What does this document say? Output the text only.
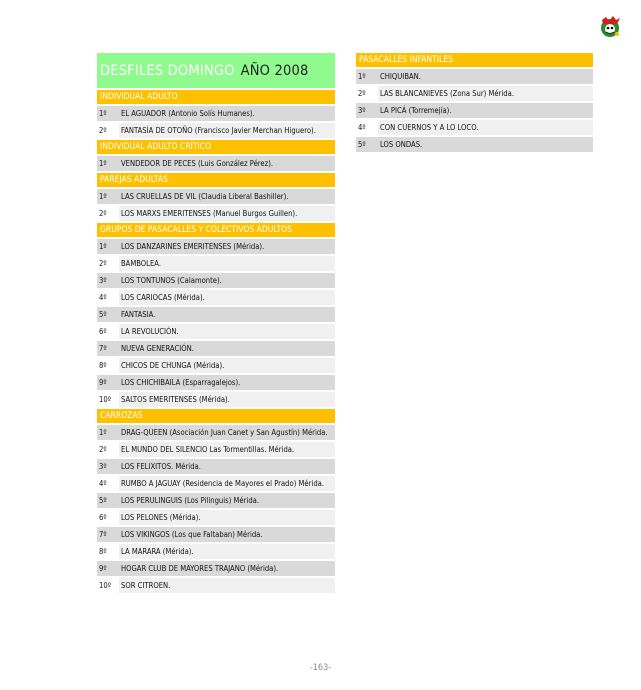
DESFILES DOMINGO AÑO 2008
INDIVIDUAL ADULTO
1º	EL AGUADOR (Antonio Solís Humanes).
2º	FANTASÍA DE OTOÑO (Francisco Javier Merchan Higuero).
INDIVIDUAL ADULTO CRÍTICO
1º	VENDEDOR DE PECES (Luis González Pérez).
PAREJAS ADULTAS
1º	LAS CRUELLAS DE VIL (Claudia Liberal Bashiller).
2º	LOS MARXS EMERITENSES (Manuel Burgos Guillen).
GRUPOS DE PASACALLES Y COLECTIVOS ADULTOS
1º	LOS DANZARINES EMERITENSES (Mérida).
2º	BAMBOLEA.
3º	LOS TONTUNOS (Calamonte).
4º	LOS CARIOCAS (Mérida).
5º	FANTASIA.
6º	LA REVOLUCIÓN.
7º	NUEVA GENERACIÓN.
8º	CHICOS DE CHUNGA (Mérida).
9º	LOS CHICHIBAILA (Esparragalejos).
10º	SALTOS EMERITENSES (Mérida).
CARROZAS
1º	DRAG-QUEEN (Asociación Juan Canet y San Agustín) Mérida.
2º	EL MUNDO DEL SILENCIO Las Tormentillas. Mérida.
3º	LOS FELIXITOS. Mérida.
4º	RUMBO A JAGUAY (Residencia de Mayores el Prado) Mérida.
5º	LOS PERULINGUIS (Los Pilinguis) Mérida.
6º	LOS PELONES (Mérida).
7º	LOS VIKINGOS (Los que Faltaban) Mérida.
8º	LA MARARA (Mérida).
9º	HOGAR CLUB DE MAYORES TRAJANO (Mérida).
10º	SOR CITROEN.
PASACALLES INFANTILES
1º	CHIQUIBAN.
2º	LAS BLANCANIEVES (Zona Sur) Mérida.
3º	LA PICÁ (Torremejía).
4º	CON CUERNOS Y A LO LOCO.
5º	LOS ONDAS.
-163-
